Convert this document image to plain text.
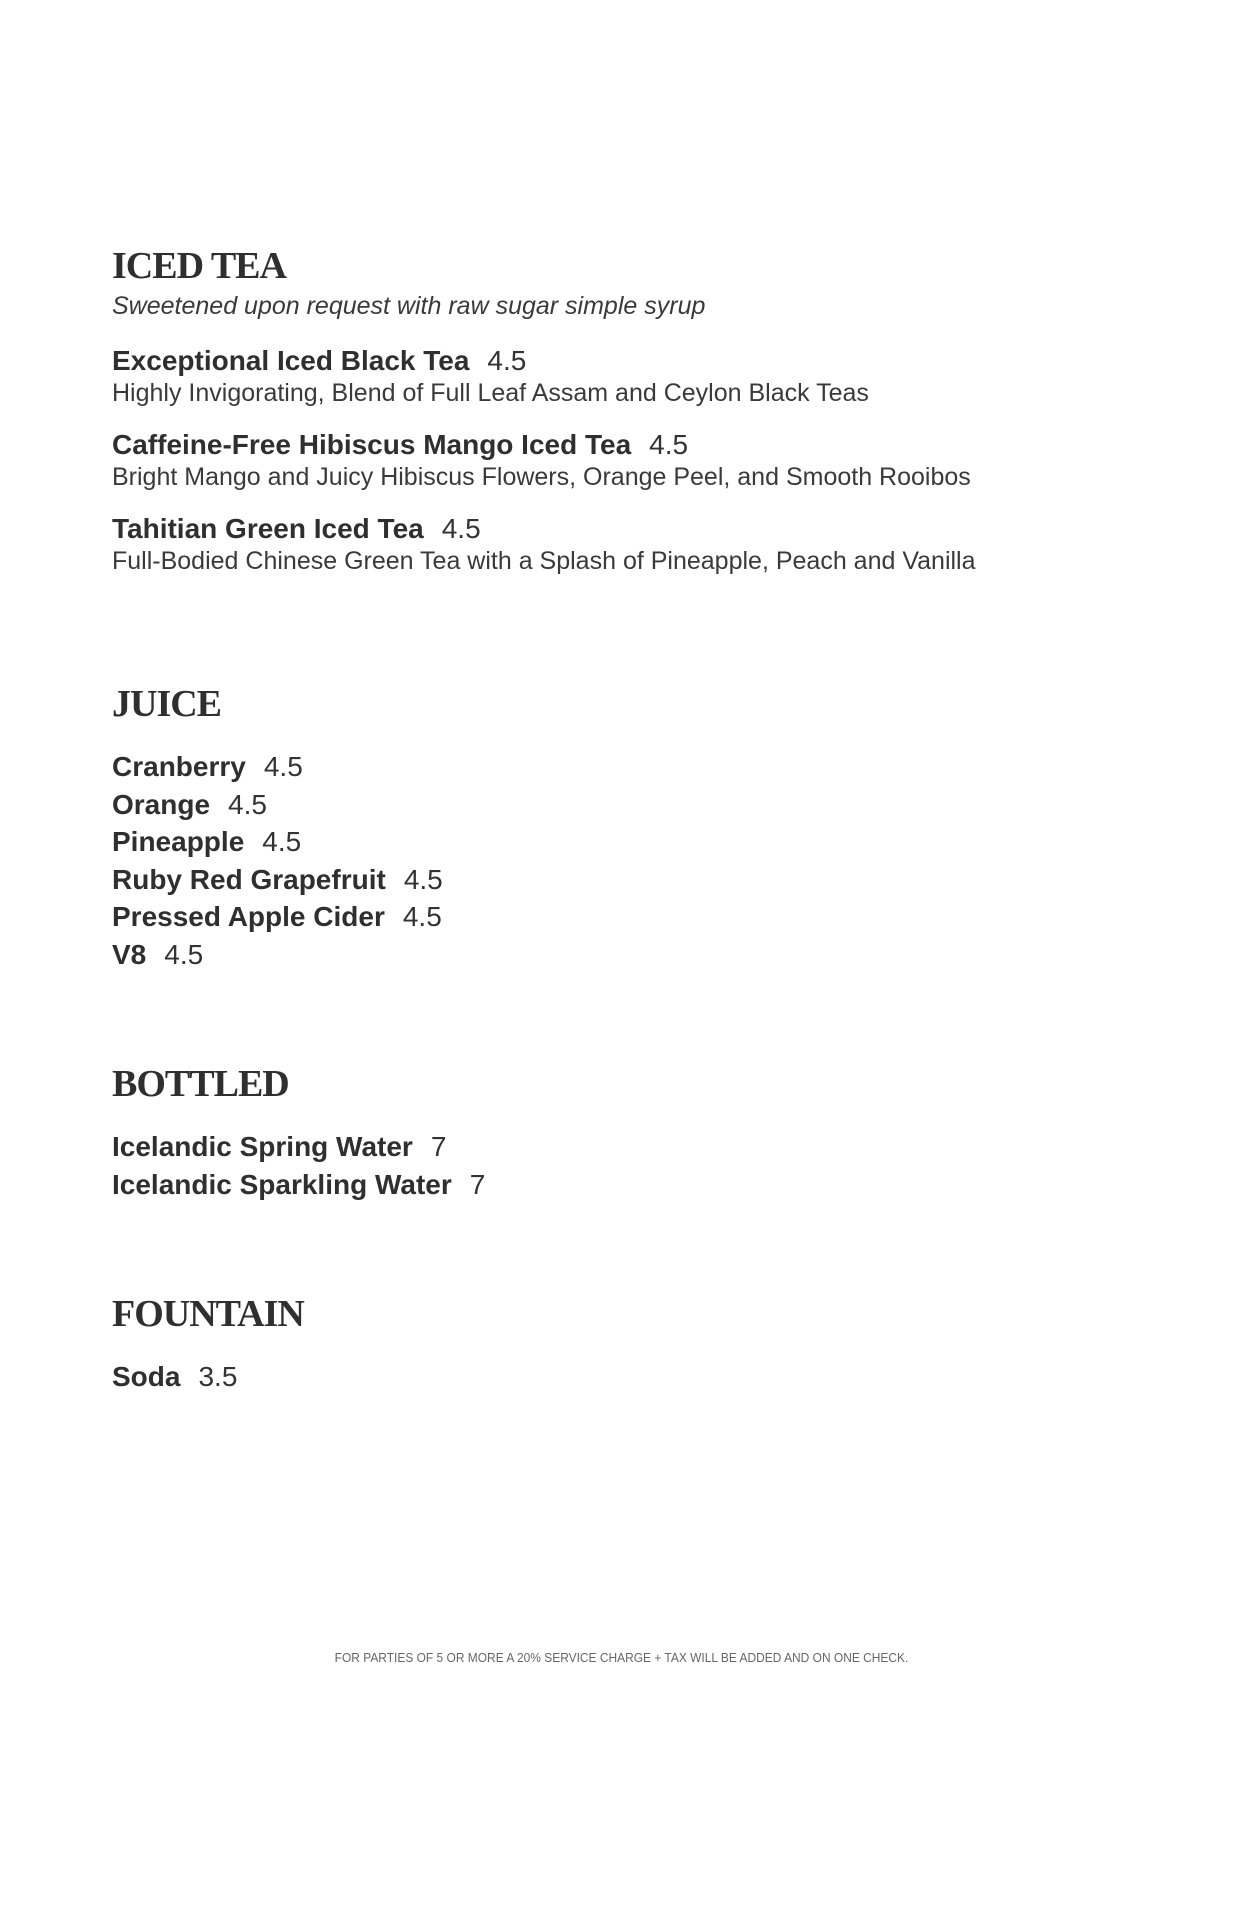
ICED TEA

Sweetened upon request with raw sugar simple syrup

Exceptional Iced Black Tea 4.5
Highly Invigorating, Blend of Full Leaf Assam and Ceylon Black Teas
Caffeine-Free Hibiscus Mango Iced Tea 4.5
Bright Mango and Juicy Hibiscus Flowers, Orange Peel, and Smooth Rooibos
Tahitian Green Iced Tea 4.5
Full-Bodied Chinese Green Tea with a Splash of Pineapple, Peach and Vanilla
JUICE
Cranberry 4.5
Orange 4.5
Pineapple 4.5
Ruby Red Grapefruit 4.5
Pressed Apple Cider 4.5
V8 4.5
BOTTLED
Icelandic Spring Water 7
Icelandic Sparkling Water 7
FOUNTAIN
Soda 3.5
FOR PARTIES OF 5 OR MORE A 20% SERVICE CHARGE + TAX WILL BE ADDED AND ON ONE CHECK.
